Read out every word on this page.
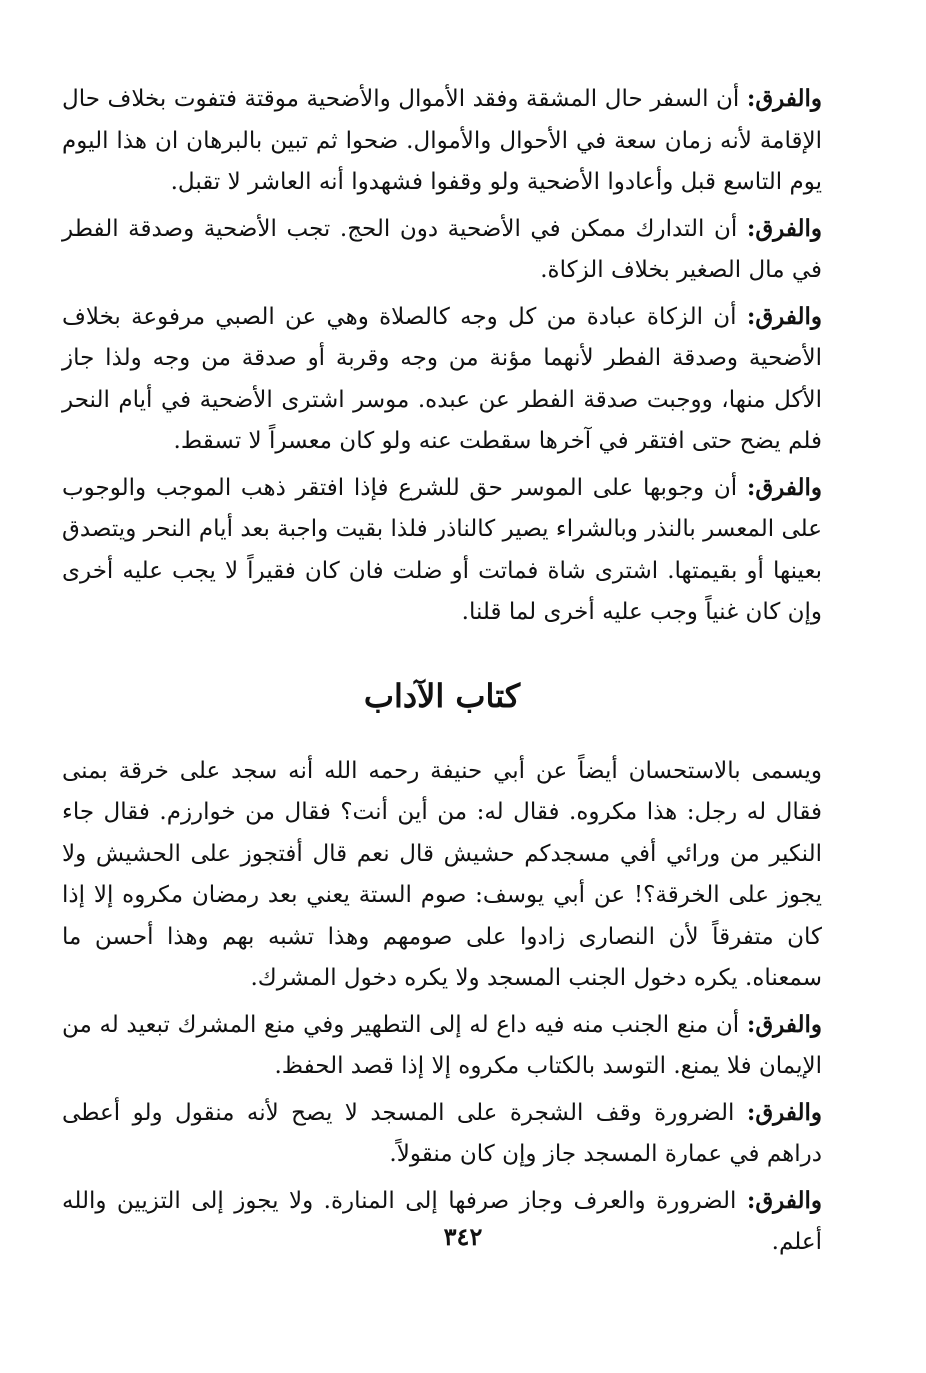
والفرق: أن السفر حال المشقة وفقد الأموال والأضحية موقتة فتفوت بخلاف حال الإقامة لأنه زمان سعة في الأحوال والأموال. ضحوا ثم تبين بالبرهان ان هذا اليوم يوم التاسع قبل وأعادوا الأضحية ولو وقفوا فشهدوا أنه العاشر لا تقبل.

والفرق: أن التدارك ممكن في الأضحية دون الحج. تجب الأضحية وصدقة الفطر في مال الصغير بخلاف الزكاة.

والفرق: أن الزكاة عبادة من كل وجه كالصلاة وهي عن الصبي مرفوعة بخلاف الأضحية وصدقة الفطر لأنهما مؤنة من وجه وقربة أو صدقة من وجه ولذا جاز الأكل منها، ووجبت صدقة الفطر عن عبده. موسر اشترى الأضحية في أيام النحر فلم يضح حتى افتقر في آخرها سقطت عنه ولو كان معسراً لا تسقط.

والفرق: أن وجوبها على الموسر حق للشرع فإذا افتقر ذهب الموجب والوجوب على المعسر بالنذر وبالشراء يصير كالناذر فلذا بقيت واجبة بعد أيام النحر ويتصدق بعينها أو بقيمتها. اشترى شاة فماتت أو ضلت فان كان فقيراً لا يجب عليه أخرى وإن كان غنياً وجب عليه أخرى لما قلنا.

كتاب الآداب

ويسمى بالاستحسان أيضاً عن أبي حنيفة رحمه الله أنه سجد على خرقة بمنى فقال له رجل: هذا مكروه. فقال له: من أين أنت؟ فقال من خوارزم. فقال جاء النكير من ورائي أفي مسجدكم حشيش قال نعم قال أفتجوز على الحشيش ولا يجوز على الخرقة؟! عن أبي يوسف: صوم الستة يعني بعد رمضان مكروه إلا إذا كان متفرقاً لأن النصارى زادوا على صومهم وهذا تشبه بهم وهذا أحسن ما سمعناه. يكره دخول الجنب المسجد ولا يكره دخول المشرك.

والفرق: أن منع الجنب منه فيه داع له إلى التطهير وفي منع المشرك تبعيد له من الإيمان فلا يمنع. التوسد بالكتاب مكروه إلا إذا قصد الحفظ.

والفرق: الضرورة وقف الشجرة على المسجد لا يصح لأنه منقول ولو أعطى دراهم في عمارة المسجد جاز وإن كان منقولاً.

والفرق: الضرورة والعرف وجاز صرفها إلى المنارة. ولا يجوز إلى التزيين والله أعلم.

٣٤٢
